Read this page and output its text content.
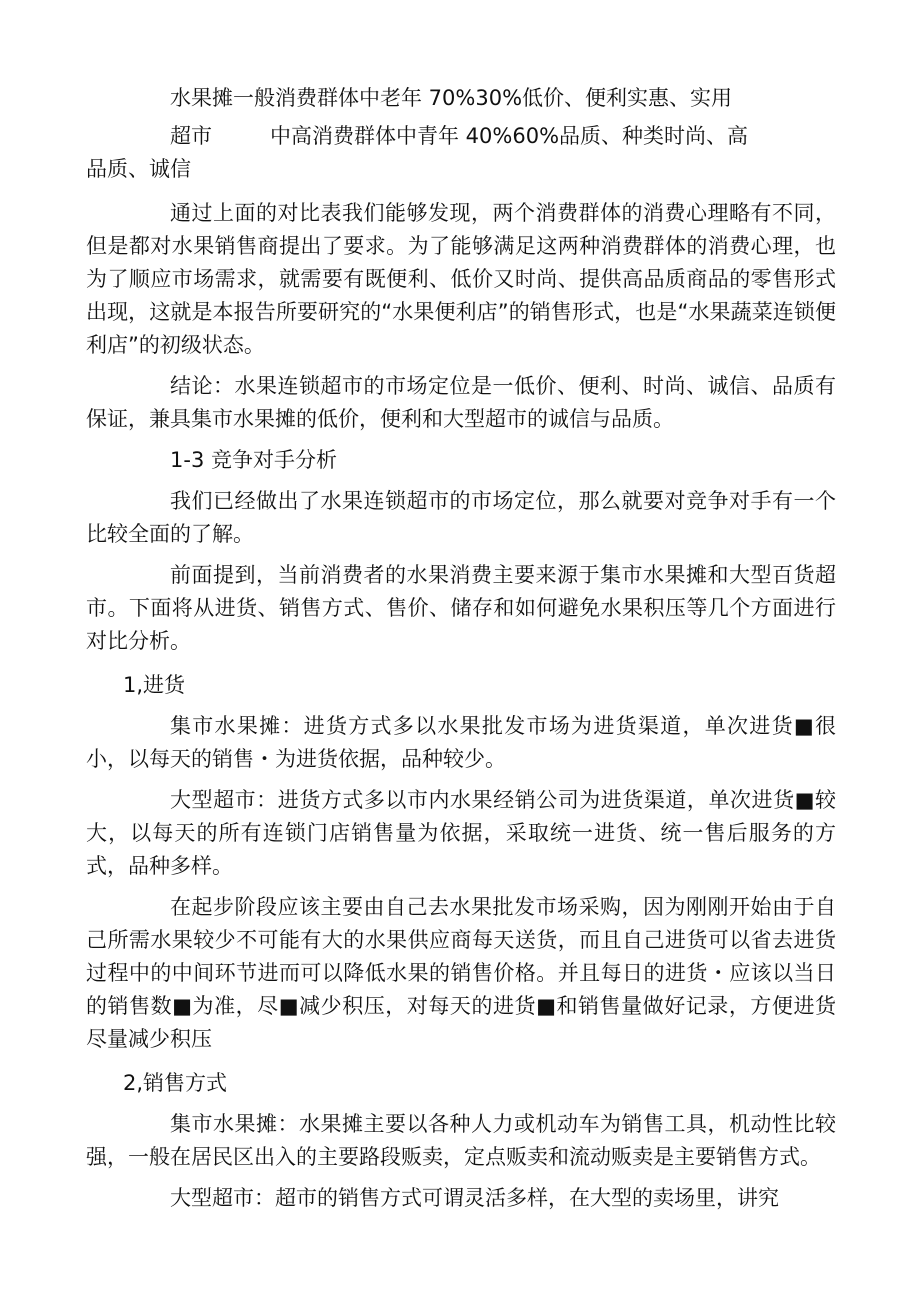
水果摊一般消费群体中老年 70%30%低价、便利实惠、实用

超市	中高消费群体中青年 40%60%品质、种类时尚、高

品质、诚信

通过上面的对比表我们能够发现，两个消费群体的消费心理略有不同，但是都对水果销售商提出了要求。为了能够满足这两种消费群体的消费心理，也为了顺应市场需求，就需要有既便利、低价又时尚、提供高品质商品的零售形式出现，这就是本报告所要研究的“水果便利店”的销售形式，也是“水果蔬菜连锁便利店”的初级状态。

结论：水果连锁超市的市场定位是一低价、便利、时尚、诚信、品质有保证，兼具集市水果摊的低价，便利和大型超市的诚信与品质。

1-3 竞争对手分析

我们已经做出了水果连锁超市的市场定位，那么就要对竞争对手有一个比较全面的了解。

前面提到，当前消费者的水果消费主要来源于集市水果摊和大型百货超市。下面将从进货、销售方式、售价、储存和如何避免水果积压等几个方面进行对比分析。

1,进货

集市水果摊：进货方式多以水果批发市场为进货渠道，单次进货■很小，以每天的销售・为进货依据，品种较少。

大型超市：进货方式多以市内水果经销公司为进货渠道，单次进货■较大，以每天的所有连锁门店销售量为依据，采取统一进货、统一售后服务的方式，品种多样。

在起步阶段应该主要由自己去水果批发市场采购，因为刚刚开始由于自己所需水果较少不可能有大的水果供应商每天送货，而且自己进货可以省去进货过程中的中间环节进而可以降低水果的销售价格。并且每日的进货・应该以当日的销售数■为准，尽■减少积压，对每天的进货■和销售量做好记录，方便进货尽量减少积压

2,销售方式

集市水果摊：水果摊主要以各种人力或机动车为销售工具，机动性比较强，一般在居民区出入的主要路段贩卖，定点贩卖和流动贩卖是主要销售方式。

大型超市：超市的销售方式可谓灵活多样，在大型的卖场里，讲究
